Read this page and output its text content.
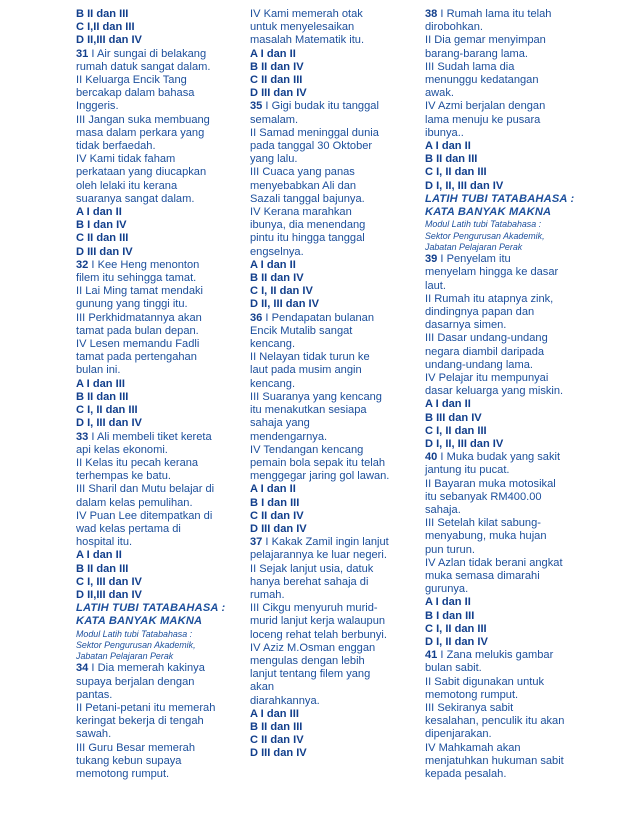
B II dan III
C I,II dan III
D II,III dan IV
31 I Air sungai di belakang
rumah datuk sangat dalam.
II Keluarga Encik Tang
bercakap dalam bahasa
Inggeris.
III Jangan suka membuang
masa dalam perkara yang
tidak berfaedah.
IV Kami tidak faham
perkataan yang diucapkan
oleh lelaki itu kerana
suaranya sangat dalam.
A I dan II
B I dan IV
C II dan III
D III dan IV
32 I Kee Heng menonton
filem itu sehingga tamat.
II Lai Ming tamat mendaki
gunung yang tinggi itu.
III Perkhidmatannya akan
tamat pada bulan depan.
IV Lesen memandu Fadli
tamat pada pertengahan
bulan ini.
A I dan III
B II dan III
C I, II dan III
D I, III dan IV
33 I Ali membeli tiket kereta
api kelas ekonomi.
II Kelas itu pecah kerana
terhempas ke batu.
III Sharil dan Mutu belajar di
dalam kelas pemulihan.
IV Puan Lee ditempatkan di
wad kelas pertama di
hospital itu.
A I dan II
B II dan III
C I, III dan IV
D II,III dan IV
LATIH TUBI TATABAHASA :
KATA BANYAK MAKNA
Modul Latih tubi Tatabahasa :
Sektor Pengurusan Akademik,
Jabatan Pelajaran Perak
34 I Dia memerah kakinya
supaya berjalan dengan
pantas.
II Petani-petani itu memerah
keringat bekerja di tengah
sawah.
III Guru Besar memerah
tukang kebun supaya
memotong rumput.
IV Kami memerah otak
untuk menyelesaikan
masalah Matematik itu.
A I dan II
B II dan IV
C II dan III
D III dan IV
35 I Gigi budak itu tanggal
semalam.
II Samad meninggal dunia
pada tanggal 30 Oktober
yang lalu.
III Cuaca yang panas
menyebabkan Ali dan
Sazali tanggal bajunya.
IV Kerana marahkan
ibunya, dia menendang
pintu itu hingga tanggal
engselnya.
A I dan II
B II dan IV
C I, II dan IV
D II, III dan IV
36 I Pendapatan bulanan
Encik Mutalib sangat
kencang.
II Nelayan tidak turun ke
laut pada musim angin
kencang.
III Suaranya yang kencang
itu menakutkan sesiapa
sahaja yang
mendengarnya.
IV Tendangan kencang
pemain bola sepak itu telah
menggegar jaring gol lawan.
A I dan II
B I dan III
C II dan IV
D III dan IV
37 I Kakak Zamil ingin lanjut
pelajarannya ke luar negeri.
II Sejak lanjut usia, datuk
hanya berehat sahaja di
rumah.
III Cikgu menyuruh murid-
murid lanjut kerja walaupun
loceng rehat telah berbunyi.
IV Aziz M.Osman enggan
mengulas dengan lebih
lanjut tentang filem yang
akan
diarahkannya.
A I dan III
B II dan III
C II dan IV
D III dan IV
38 I Rumah lama itu telah
dirobohkan.
II Dia gemar menyimpan
barang-barang lama.
III Sudah lama dia
menunggu kedatangan
awak.
IV Azmi berjalan dengan
lama menuju ke pusara
ibunya..
A I dan II
B II dan III
C I, II dan III
D I, II, III dan IV
LATIH TUBI TATABAHASA :
KATA BANYAK MAKNA
Modul Latih tubi Tatabahasa :
Sektor Pengurusan Akademik,
Jabatan Pelajaran Perak
39 I Penyelam itu
menyelam hingga ke dasar
laut.
II Rumah itu atapnya zink,
dindingnya papan dan
dasarnya simen.
III Dasar undang-undang
negara diambil daripada
undang-undang lama.
IV Pelajar itu mempunyai
dasar keluarga yang miskin.
A I dan II
B III dan IV
C I, II dan III
D I, II, III dan IV
40 I Muka budak yang sakit
jantung itu pucat.
II Bayaran muka motosikal
itu sebanyak RM400.00
sahaja.
III Setelah kilat sabung-
menyabung, muka hujan
pun turun.
IV Azlan tidak berani angkat
muka semasa dimarahi
gurunya.
A I dan II
B I dan III
C I, II dan III
D I, II dan IV
41 I Zana melukis gambar
bulan sabit.
II Sabit digunakan untuk
memotong rumput.
III Sekiranya sabit
kesalahan, penculik itu akan
dipenjarakan.
IV Mahkamah akan
menjatuhkan hukuman sabit
kepada pesalah.
